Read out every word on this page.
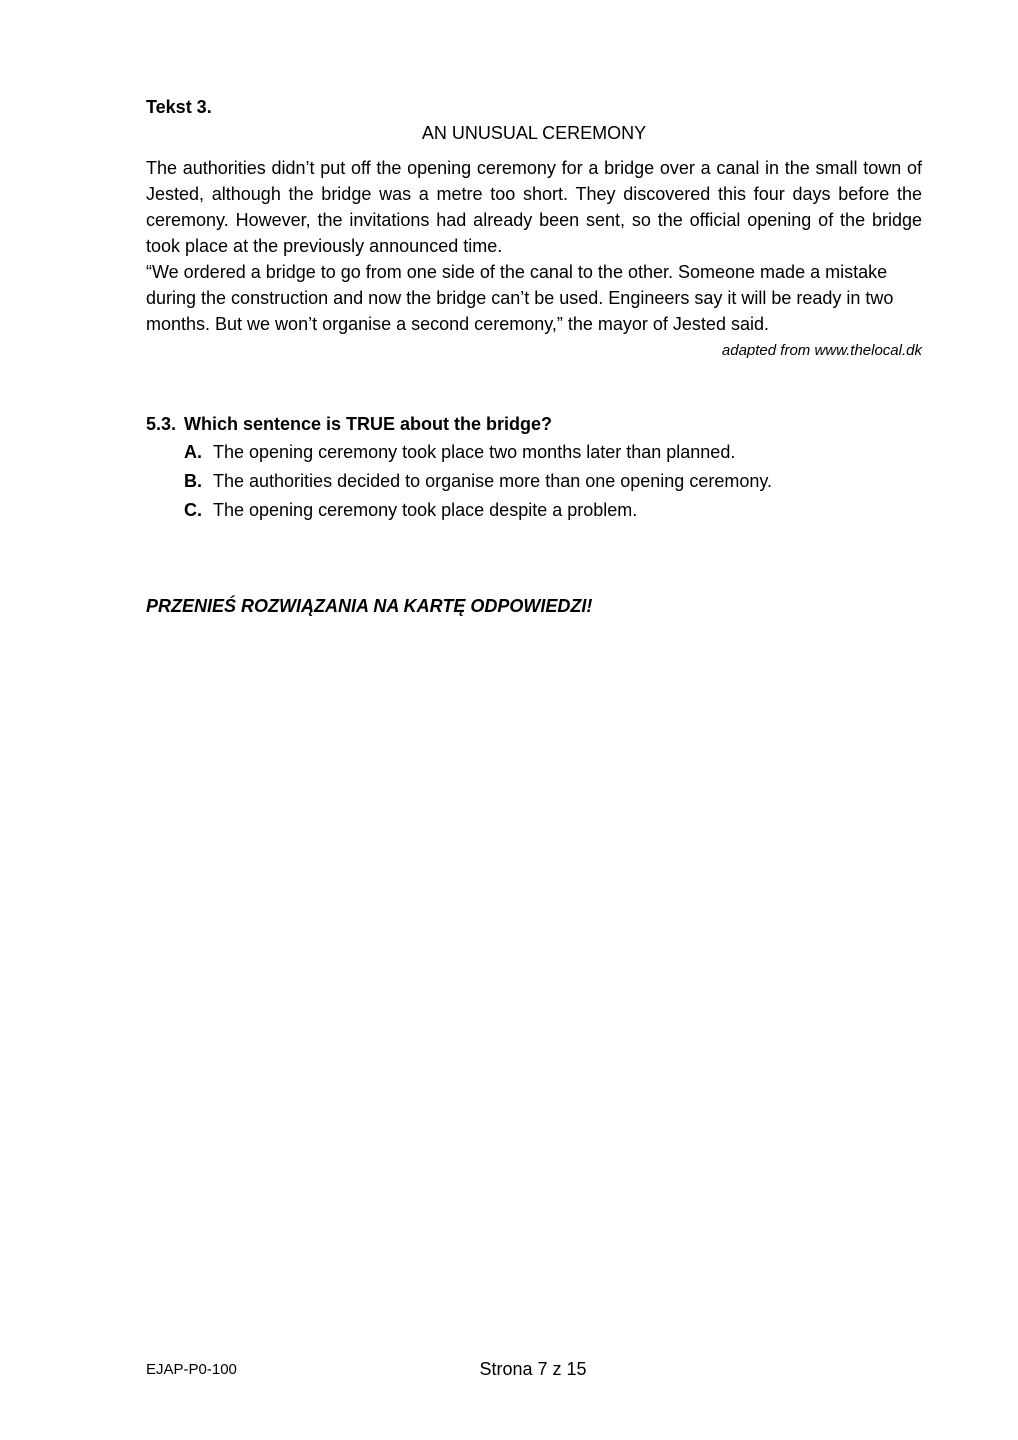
Tekst 3.

AN UNUSUAL CEREMONY

The authorities didn’t put off the opening ceremony for a bridge over a canal in the small town of Jested, although the bridge was a metre too short. They discovered this four days before the ceremony. However, the invitations had already been sent, so the official opening of the bridge took place at the previously announced time.

“We ordered a bridge to go from one side of the canal to the other. Someone made a mistake during the construction and now the bridge can’t be used. Engineers say it will be ready in two months. But we won’t organise a second ceremony,” the mayor of Jested said.

adapted from www.thelocal.dk

5.3. Which sentence is TRUE about the bridge?
A. The opening ceremony took place two months later than planned.
B. The authorities decided to organise more than one opening ceremony.
C. The opening ceremony took place despite a problem.
PRZENIEŚ ROZWIĄZANIA NA KARTĘ ODPOWIEDZI!
EJAP-P0-100	Strona 7 z 15
